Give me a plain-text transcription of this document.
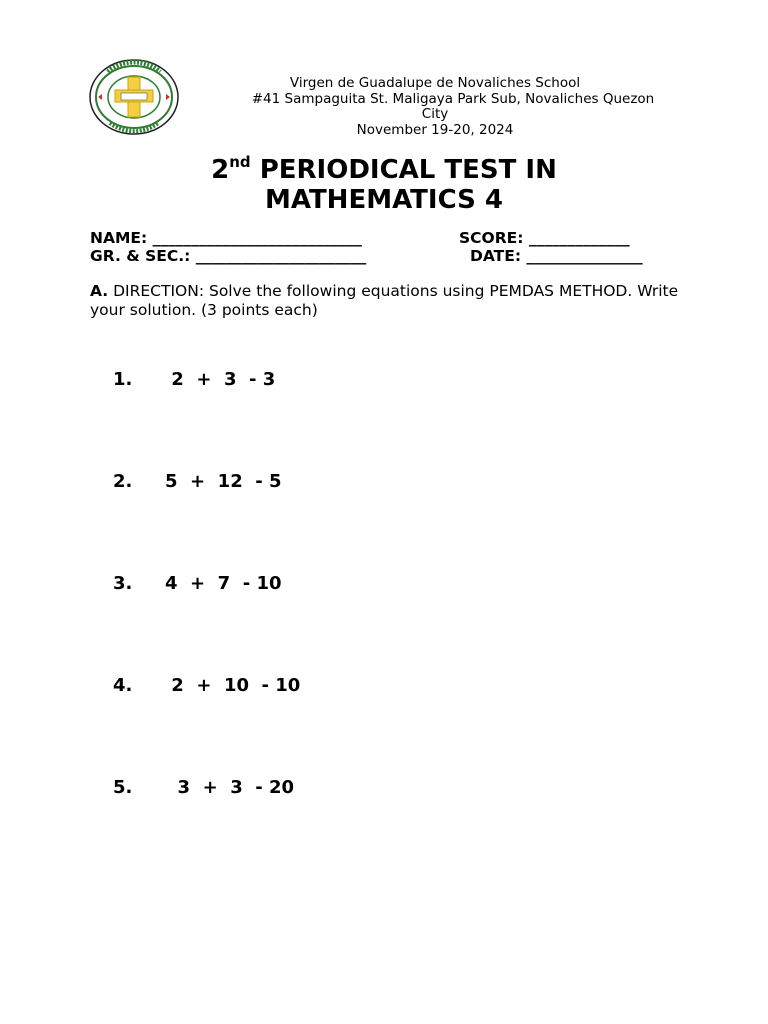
Virgen de Guadalupe de Novaliches School
#41 Sampaguita St. Maligaya Park Sub, Novaliches Quezon
City
November 19-20, 2024
2nd PERIODICAL TEST IN
MATHEMATICS 4
NAME: ___________________________	SCORE: _____________
GR. & SEC.: ______________________	DATE: _______________
A. DIRECTION: Solve the following equations using PEMDAS METHOD. Write your solution. (3 points each)
1. 2  +  3  - 3
2. 5  +  12  - 5
3. 4  +  7  - 10
4. 2  +  10  - 10
5.  3  +  3  - 20
